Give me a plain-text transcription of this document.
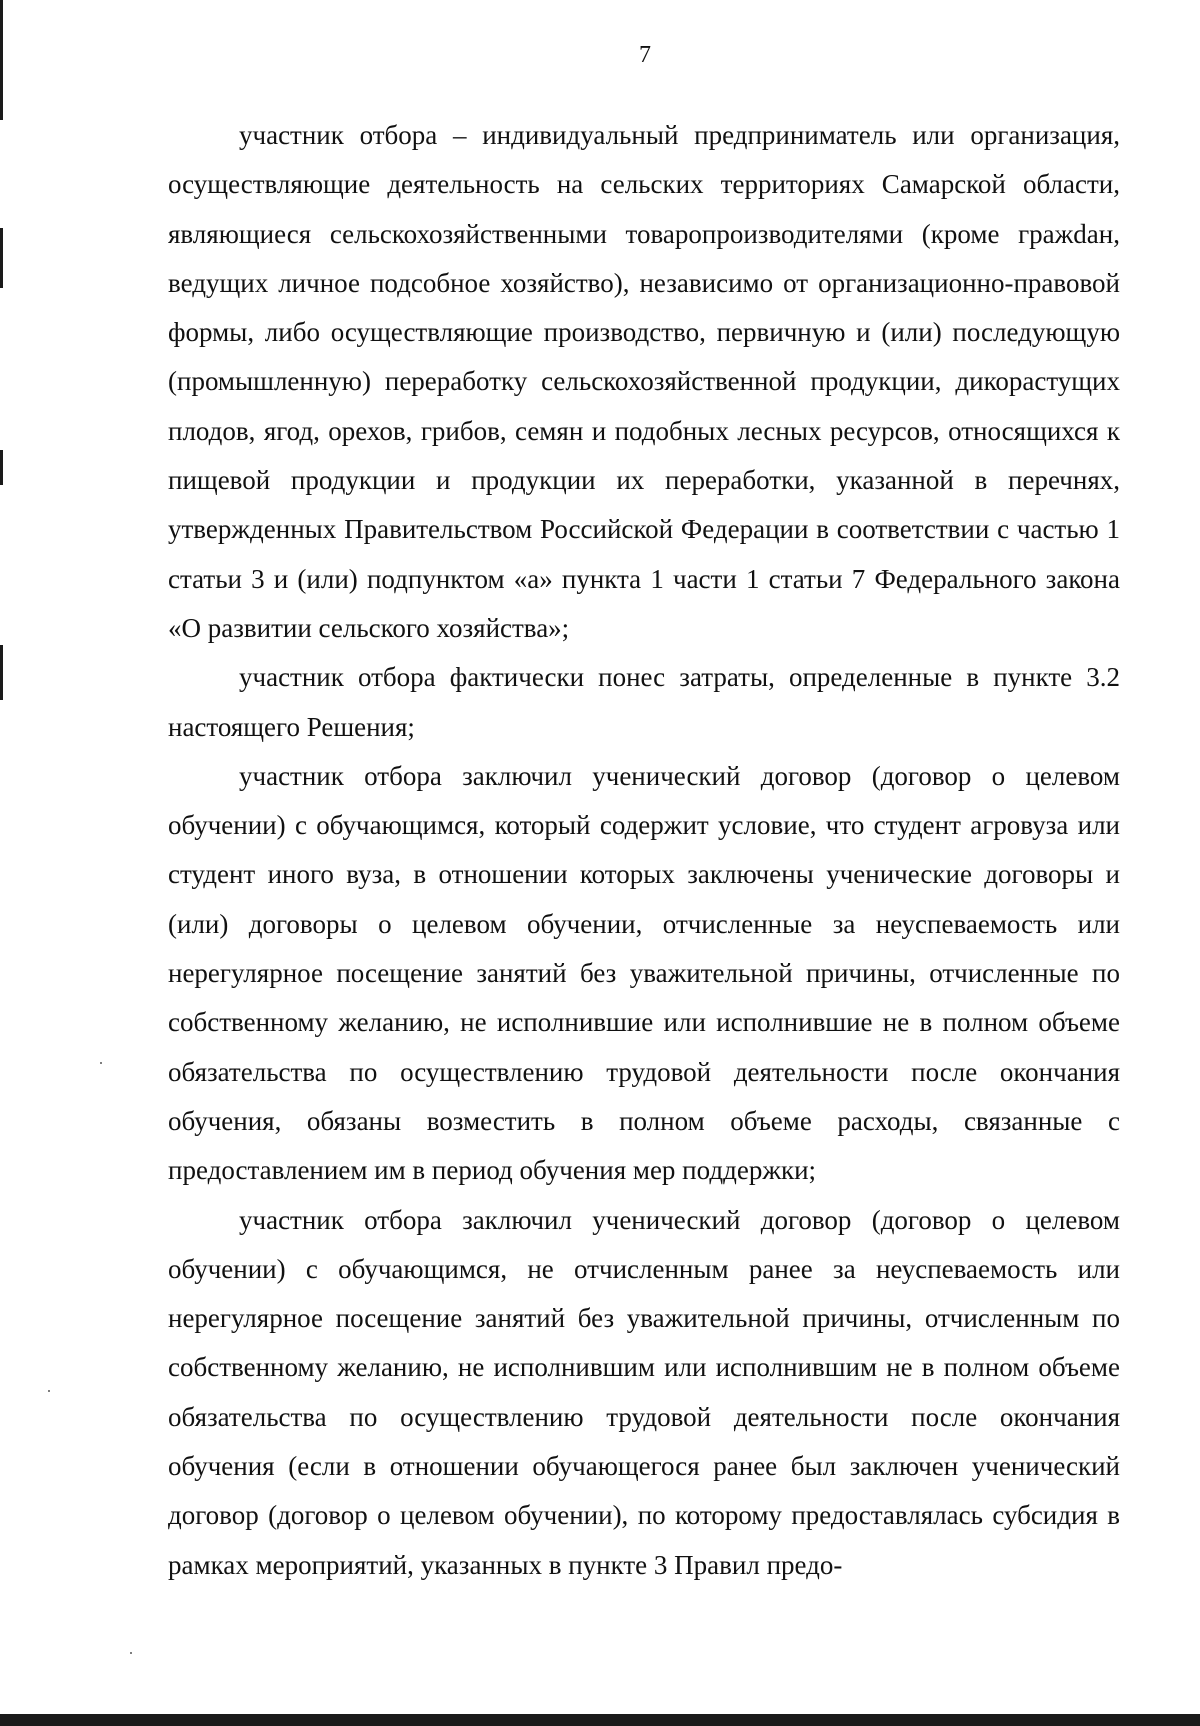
7

участник отбора – индивидуальный предприниматель или организация, осуществляющие деятельность на сельских территориях Самарской области, являющиеся сельскохозяйственными товаропроизводителями (кроме гражdан, ведущих личное подсобное хозяйство), независимо от организационно-правовой формы, либо осуществляющие производство, первичную и (или) последующую (промышленную) переработку сельскохозяйственной продукции, дикорастущих плодов, ягод, орехов, грибов, семян и подобных лесных ресурсов, относящихся к пищевой продукции и продукции их переработки, указанной в перечнях, утвержденных Правительством Российской Федерации в соответствии с частью 1 статьи 3 и (или) подпунктом «а» пункта 1 части 1 статьи 7 Федерального закона «О развитии сельского хозяйства»;

участник отбора фактически понес затраты, определенные в пункте 3.2 настоящего Решения;

участник отбора заключил ученический договор (договор о целевом обучении) с обучающимся, который содержит условие, что студент агровуза или студент иного вуза, в отношении которых заключены ученические договоры и (или) договоры о целевом обучении, отчисленные за неуспеваемость или нерегулярное посещение занятий без уважительной причины, отчисленные по собственному желанию, не исполнившие или исполнившие не в полном объеме обязательства по осуществлению трудовой деятельности после окончания обучения, обязаны возместить в полном объеме расходы, связанные с предоставлением им в период обучения мер поддержки;

участник отбора заключил ученический договор (договор о целевом обучении) с обучающимся, не отчисленным ранее за неуспеваемость или нерегулярное посещение занятий без уважительной причины, отчисленным по собственному желанию, не исполнившим или исполнившим не в полном объеме обязательства по осуществлению трудовой деятельности после окончания обучения (если в отношении обучающегося ранее был заключен ученический договор (договор о целевом обучении), по которому предоставлялась субсидия в рамках мероприятий, указанных в пункте 3 Правил предо-
